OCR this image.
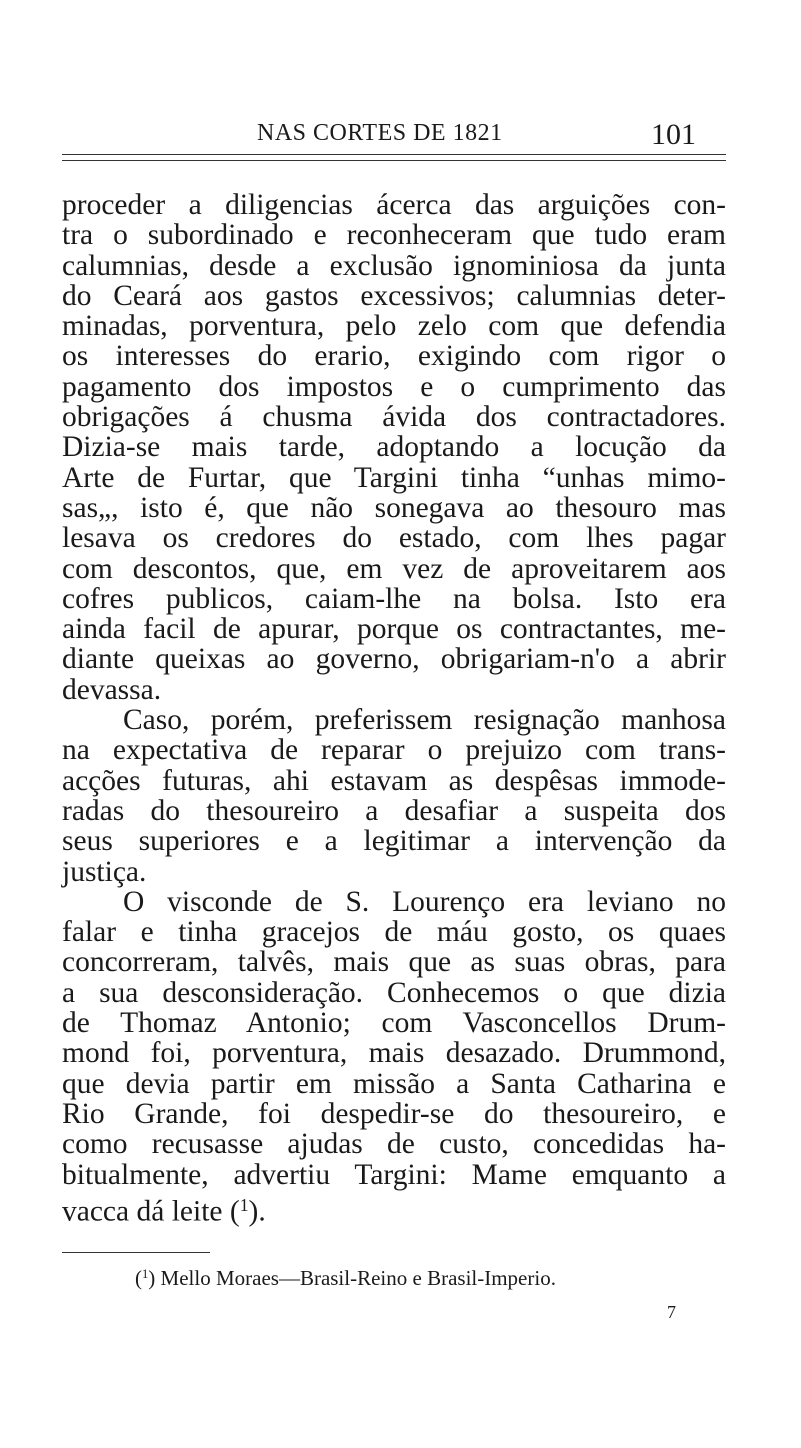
NAS CORTES DE 1821	101
proceder a diligencias ácerca das arguições con-
tra o subordinado e reconheceram que tudo eram
calumnias, desde a exclusão ignominiosa da junta
do Ceará aos gastos excessivos; calumnias deter-
minadas, porventura, pelo zelo com que defendia
os interesses do erario, exigindo com rigor o
pagamento dos impostos e o cumprimento das
obrigações á chusma ávida dos contractadores.
Dizia-se mais tarde, adoptando a locução da
Arte de Furtar, que Targini tinha “unhas mimo-
sas„, isto é, que não sonegava ao thesouro mas
lesava os credores do estado, com lhes pagar
com descontos, que, em vez de aproveitarem aos
cofres publicos, caiam-lhe na bolsa. Isto era
ainda facil de apurar, porque os contractantes, me-
diante queixas ao governo, obrigariam-n'o a abrir
devassa.
Caso, porém, preferissem resignação manhosa
na expectativa de reparar o prejuizo com trans-
acções futuras, ahi estavam as despêsas immode-
radas do thesoureiro a desafiar a suspeita dos
seus superiores e a legitimar a intervenção da
justiça.
O visconde de S. Lourenço era leviano no
falar e tinha gracejos de máu gosto, os quaes
concorreram, talvês, mais que as suas obras, para
a sua desconsideração. Conhecemos o que dizia
de Thomaz Antonio; com Vasconcellos Drum-
mond foi, porventura, mais desazado. Drummond,
que devia partir em missão a Santa Catharina e
Rio Grande, foi despedir-se do thesoureiro, e
como recusasse ajudas de custo, concedidas ha-
bitualmente, advertiu Targini: Mame emquanto a
vacca dá leite ($^1$).
($^1$) Mello Moraes—Brasil-Reino e Brasil-Imperio.
7
